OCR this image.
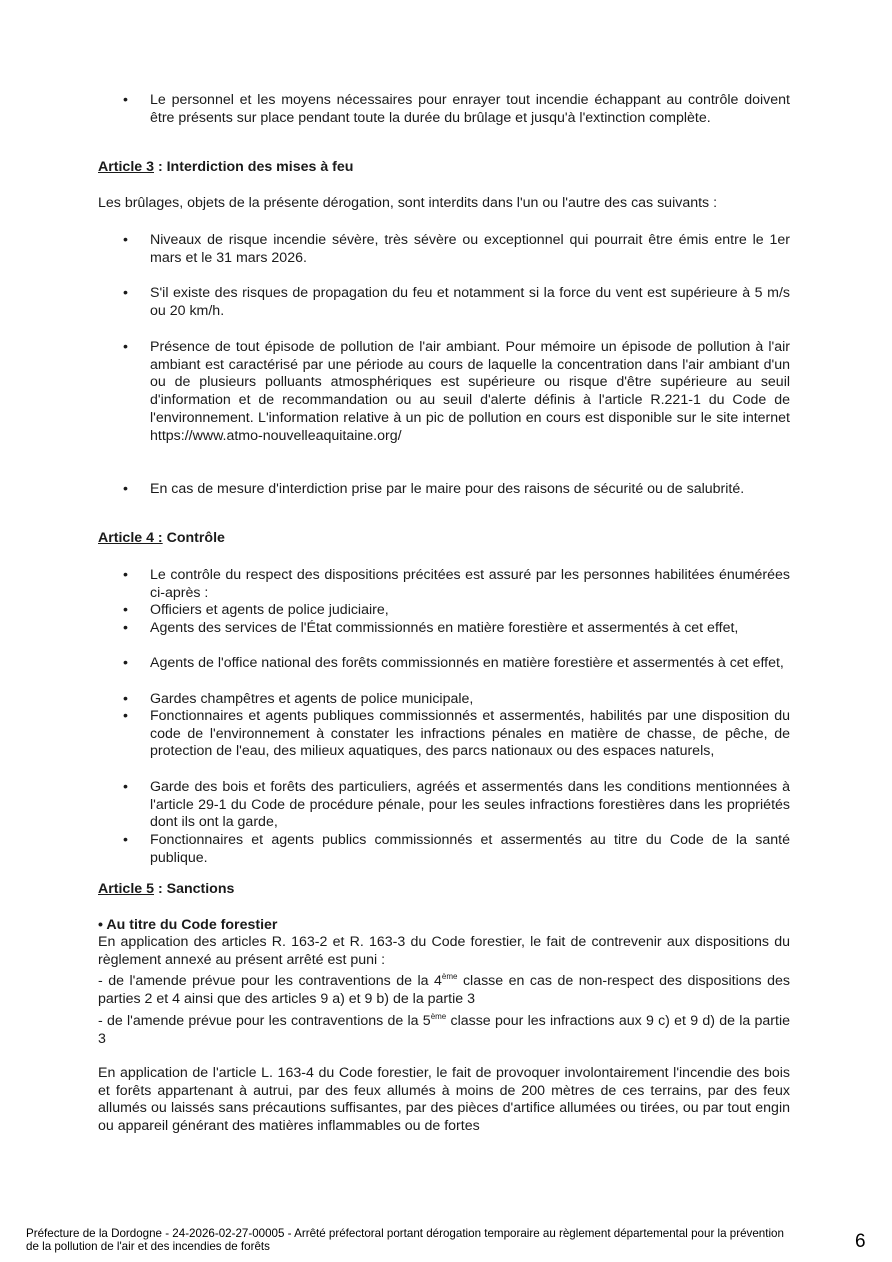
• Le personnel et les moyens nécessaires pour enrayer tout incendie échappant au contrôle doivent être présents sur place pendant toute la durée du brûlage et jusqu'à l'extinction complète.
Article 3 : Interdiction des mises à feu
Les brûlages, objets de la présente dérogation, sont interdits dans l'un ou l'autre des cas suivants :
• Niveaux de risque incendie sévère, très sévère ou exceptionnel qui pourrait être émis entre le 1er mars et le 31 mars 2026.
• S'il existe des risques de propagation du feu et notamment si la force du vent est supérieure à 5 m/s ou 20 km/h.
• Présence de tout épisode de pollution de l'air ambiant. Pour mémoire un épisode de pollution à l'air ambiant est caractérisé par une période au cours de laquelle la concentration dans l'air ambiant d'un ou de plusieurs polluants atmosphériques est supérieure ou risque d'être supérieure au seuil d'information et de recommandation ou au seuil d'alerte définis à l'article R.221-1 du Code de l'environnement. L'information relative à un pic de pollution en cours est disponible sur le site internet https://www.atmo-nouvelleaquitaine.org/
• En cas de mesure d'interdiction prise par le maire pour des raisons de sécurité ou de salubrité.
Article 4 : Contrôle
• Le contrôle du respect des dispositions précitées est assuré par les personnes habilitées énumérées ci-après :
• Officiers et agents de police judiciaire,
• Agents des services de l'État commissionnés en matière forestière et assermentés à cet effet,
• Agents de l'office national des forêts commissionnés en matière forestière et assermentés à cet effet,
• Gardes champêtres et agents de police municipale,
• Fonctionnaires et agents publiques commissionnés et assermentés, habilités par une disposition du code de l'environnement à constater les infractions pénales en matière de chasse, de pêche, de protection de l'eau, des milieux aquatiques, des parcs nationaux ou des espaces naturels,
• Garde des bois et forêts des particuliers, agréés et assermentés dans les conditions mentionnées à l'article 29-1 du Code de procédure pénale, pour les seules infractions forestières dans les propriétés dont ils ont la garde,
• Fonctionnaires et agents publics commissionnés et assermentés au titre du Code de la santé publique.
Article 5 : Sanctions
• Au titre du Code forestier
En application des articles R. 163-2 et R. 163-3 du Code forestier, le fait de contrevenir aux dispositions du règlement annexé au présent arrêté est puni :
- de l'amende prévue pour les contraventions de la 4ème classe en cas de non-respect des dispositions des parties 2 et 4 ainsi que des articles 9 a) et 9 b) de la partie 3
- de l'amende prévue pour les contraventions de la 5ème classe pour les infractions aux 9 c) et 9 d) de la partie 3
En application de l'article L. 163-4 du Code forestier, le fait de provoquer involontairement l'incendie des bois et forêts appartenant à autrui, par des feux allumés à moins de 200 mètres de ces terrains, par des feux allumés ou laissés sans précautions suffisantes, par des pièces d'artifice allumées ou tirées, ou par tout engin ou appareil générant des matières inflammables ou de fortes
Préfecture de la Dordogne - 24-2026-02-27-00005 - Arrêté préfectoral portant dérogation temporaire au règlement départemental pour la prévention de la pollution de l'air et des incendies de forêts	6
